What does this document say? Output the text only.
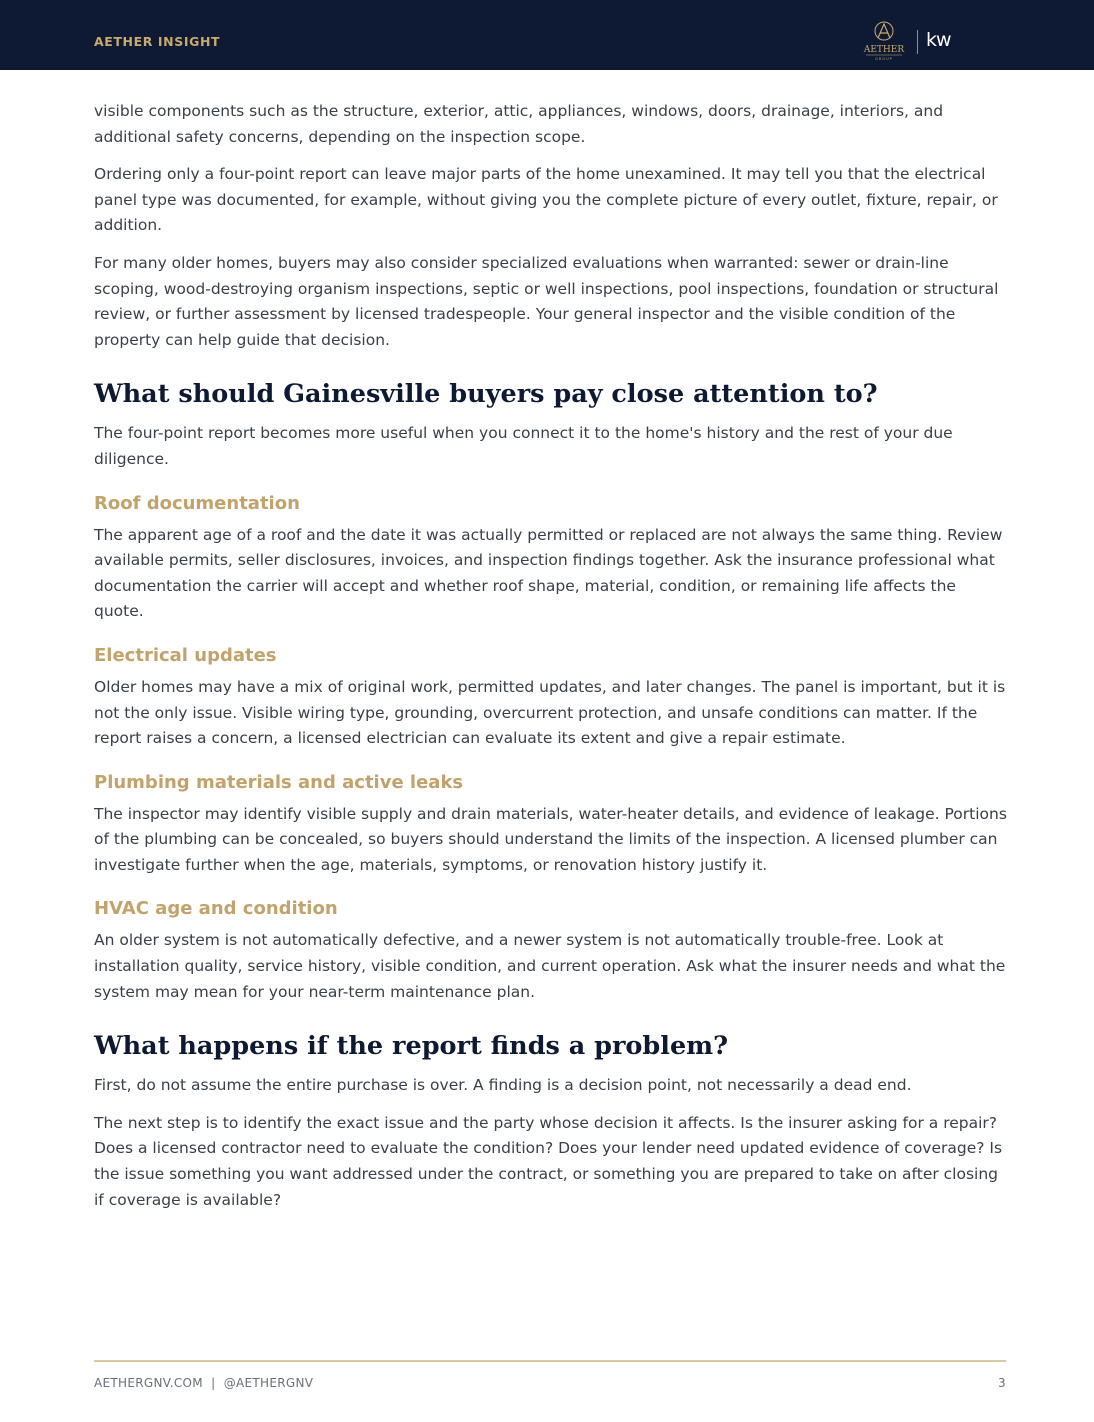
AETHER INSIGHT
AETHER
GROUP
kw

visible components such as the structure, exterior, attic, appliances, windows, doors, drainage, interiors, and additional safety concerns, depending on the inspection scope.

Ordering only a four-point report can leave major parts of the home unexamined. It may tell you that the electrical panel type was documented, for example, without giving you the complete picture of every outlet, fixture, repair, or addition.

For many older homes, buyers may also consider specialized evaluations when warranted: sewer or drain-line scoping, wood-destroying organism inspections, septic or well inspections, pool inspections, foundation or structural review, or further assessment by licensed tradespeople. Your general inspector and the visible condition of the property can help guide that decision.

What should Gainesville buyers pay close attention to?

The four-point report becomes more useful when you connect it to the home's history and the rest of your due diligence.

Roof documentation

The apparent age of a roof and the date it was actually permitted or replaced are not always the same thing. Review available permits, seller disclosures, invoices, and inspection findings together. Ask the insurance professional what documentation the carrier will accept and whether roof shape, material, condition, or remaining life affects the quote.

Electrical updates

Older homes may have a mix of original work, permitted updates, and later changes. The panel is important, but it is not the only issue. Visible wiring type, grounding, overcurrent protection, and unsafe conditions can matter. If the report raises a concern, a licensed electrician can evaluate its extent and give a repair estimate.

Plumbing materials and active leaks

The inspector may identify visible supply and drain materials, water-heater details, and evidence of leakage. Portions of the plumbing can be concealed, so buyers should understand the limits of the inspection. A licensed plumber can investigate further when the age, materials, symptoms, or renovation history justify it.

HVAC age and condition

An older system is not automatically defective, and a newer system is not automatically trouble-free. Look at installation quality, service history, visible condition, and current operation. Ask what the insurer needs and what the system may mean for your near-term maintenance plan.

What happens if the report finds a problem?

First, do not assume the entire purchase is over. A finding is a decision point, not necessarily a dead end.

The next step is to identify the exact issue and the party whose decision it affects. Is the insurer asking for a repair? Does a licensed contractor need to evaluate the condition? Does your lender need updated evidence of coverage? Is the issue something you want addressed under the contract, or something you are prepared to take on after closing if coverage is available?

AETHERGNV.COM  |  @AETHERGNV	3
